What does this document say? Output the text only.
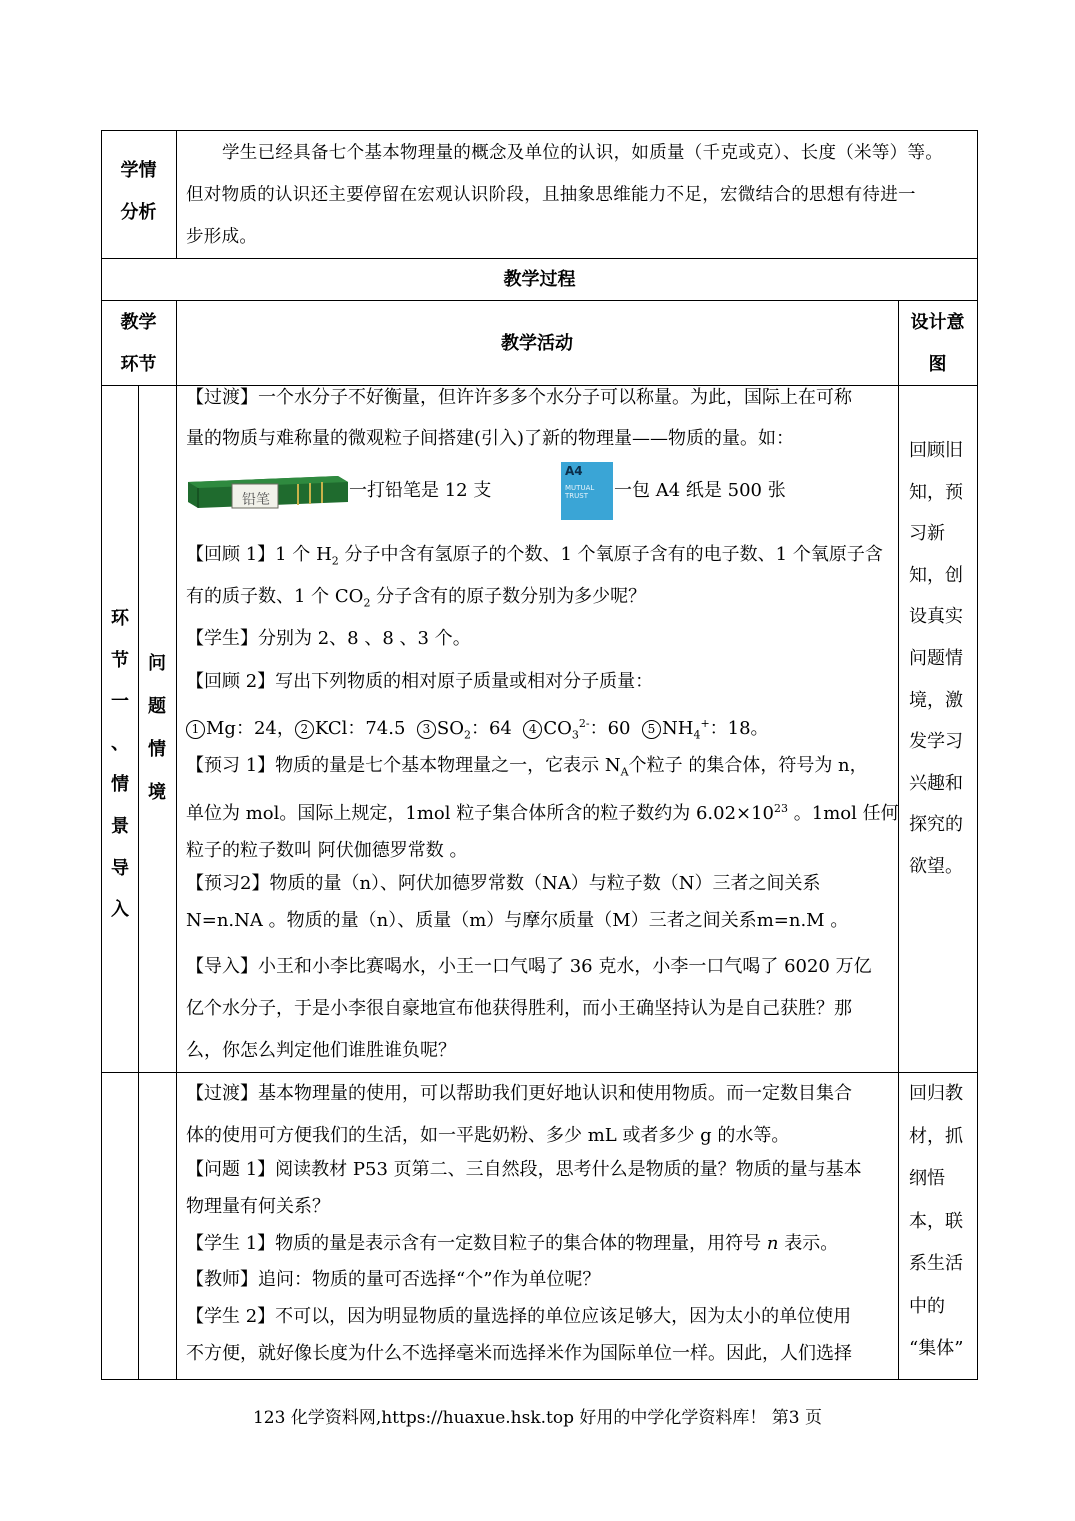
学情
分析

学生已经具备七个基本物理量的概念及单位的认识，如质量（千克或克）、长度（米等）等。

但对物质的认识还主要停留在宏观认识阶段，且抽象思维能力不足，宏微结合的思想有待进一

步形成。

教学过程
教学
环节
教学活动
设计意
图
环
节
一
、
情
景
导
入
问
题
情
境
【过渡】一个水分子不好衡量，但许许多多个水分子可以称量。为此，国际上在可称
量的物质与难称量的微观粒子间搭建(引入)了新的物理量——物质的量。如：
铅笔	一打铅笔是 12 支
A4
MUTUAL TRUST	一包 A4 纸是 500 张
【回顾 1】1 个 $H_2$ 分子中含有氢原子的个数、1 个氧原子含有的电子数、1 个氧原子含
有的质子数、1 个 $CO_2$ 分子含有的原子数分别为多少呢？
【学生】分别为 2、8 、8 、3 个。
【回顾 2】写出下列物质的相对原子质量或相对分子质量：
1 Mg：24， 2 KCl：74.5  3 $SO_2$：64  4 $CO_3^{2-}$：60  5 $NH_4^+$：18。
【预习 1】物质的量是七个基本物理量之一，它表示 $N_A$个粒子 的集合体，符号为 n，
单位为 mol。国际上规定，1mol 粒子集合体所含的粒子数约为 $6.02\times 10^{23}$ 。1mol 任何
粒子的粒子数叫 阿伏伽德罗常数 。
【预习2】物质的量（n）、阿伏加德罗常数（NA）与粒子数（N）三者之间关系
N=n.NA 。物质的量（n）、质量（m）与摩尔质量（M）三者之间关系m=n.M 。
【导入】小王和小李比赛喝水，小王一口气喝了 36 克水，小李一口气喝了 6020 万亿
亿个水分子，于是小李很自豪地宣布他获得胜利，而小王确坚持认为是自己获胜？那
么，你怎么判定他们谁胜谁负呢？
回顾旧
知，预
习新
知，创
设真实
问题情
境，激
发学习
兴趣和
探究的
欲望。
【过渡】基本物理量的使用，可以帮助我们更好地认识和使用物质。而一定数目集合
体的使用可方便我们的生活，如一平匙奶粉、多少 mL 或者多少 g 的水等。
【问题 1】阅读教材 P53 页第二、三自然段，思考什么是物质的量？物质的量与基本
物理量有何关系？
【学生 1】物质的量是表示含有一定数目粒子的集合体的物理量，用符号 n 表示。
【教师】追问：物质的量可否选择“个”作为单位呢？
【学生 2】不可以，因为明显物质的量选择的单位应该足够大，因为太小的单位使用
不方便，就好像长度为什么不选择毫米而选择米作为国际单位一样。因此，人们选择
回归教
材，抓
纲悟
本，联
系生活
中的
“集体”
123 化学资料网,https://huaxue.hsk.top 好用的中学化学资料库！ 第3 页
